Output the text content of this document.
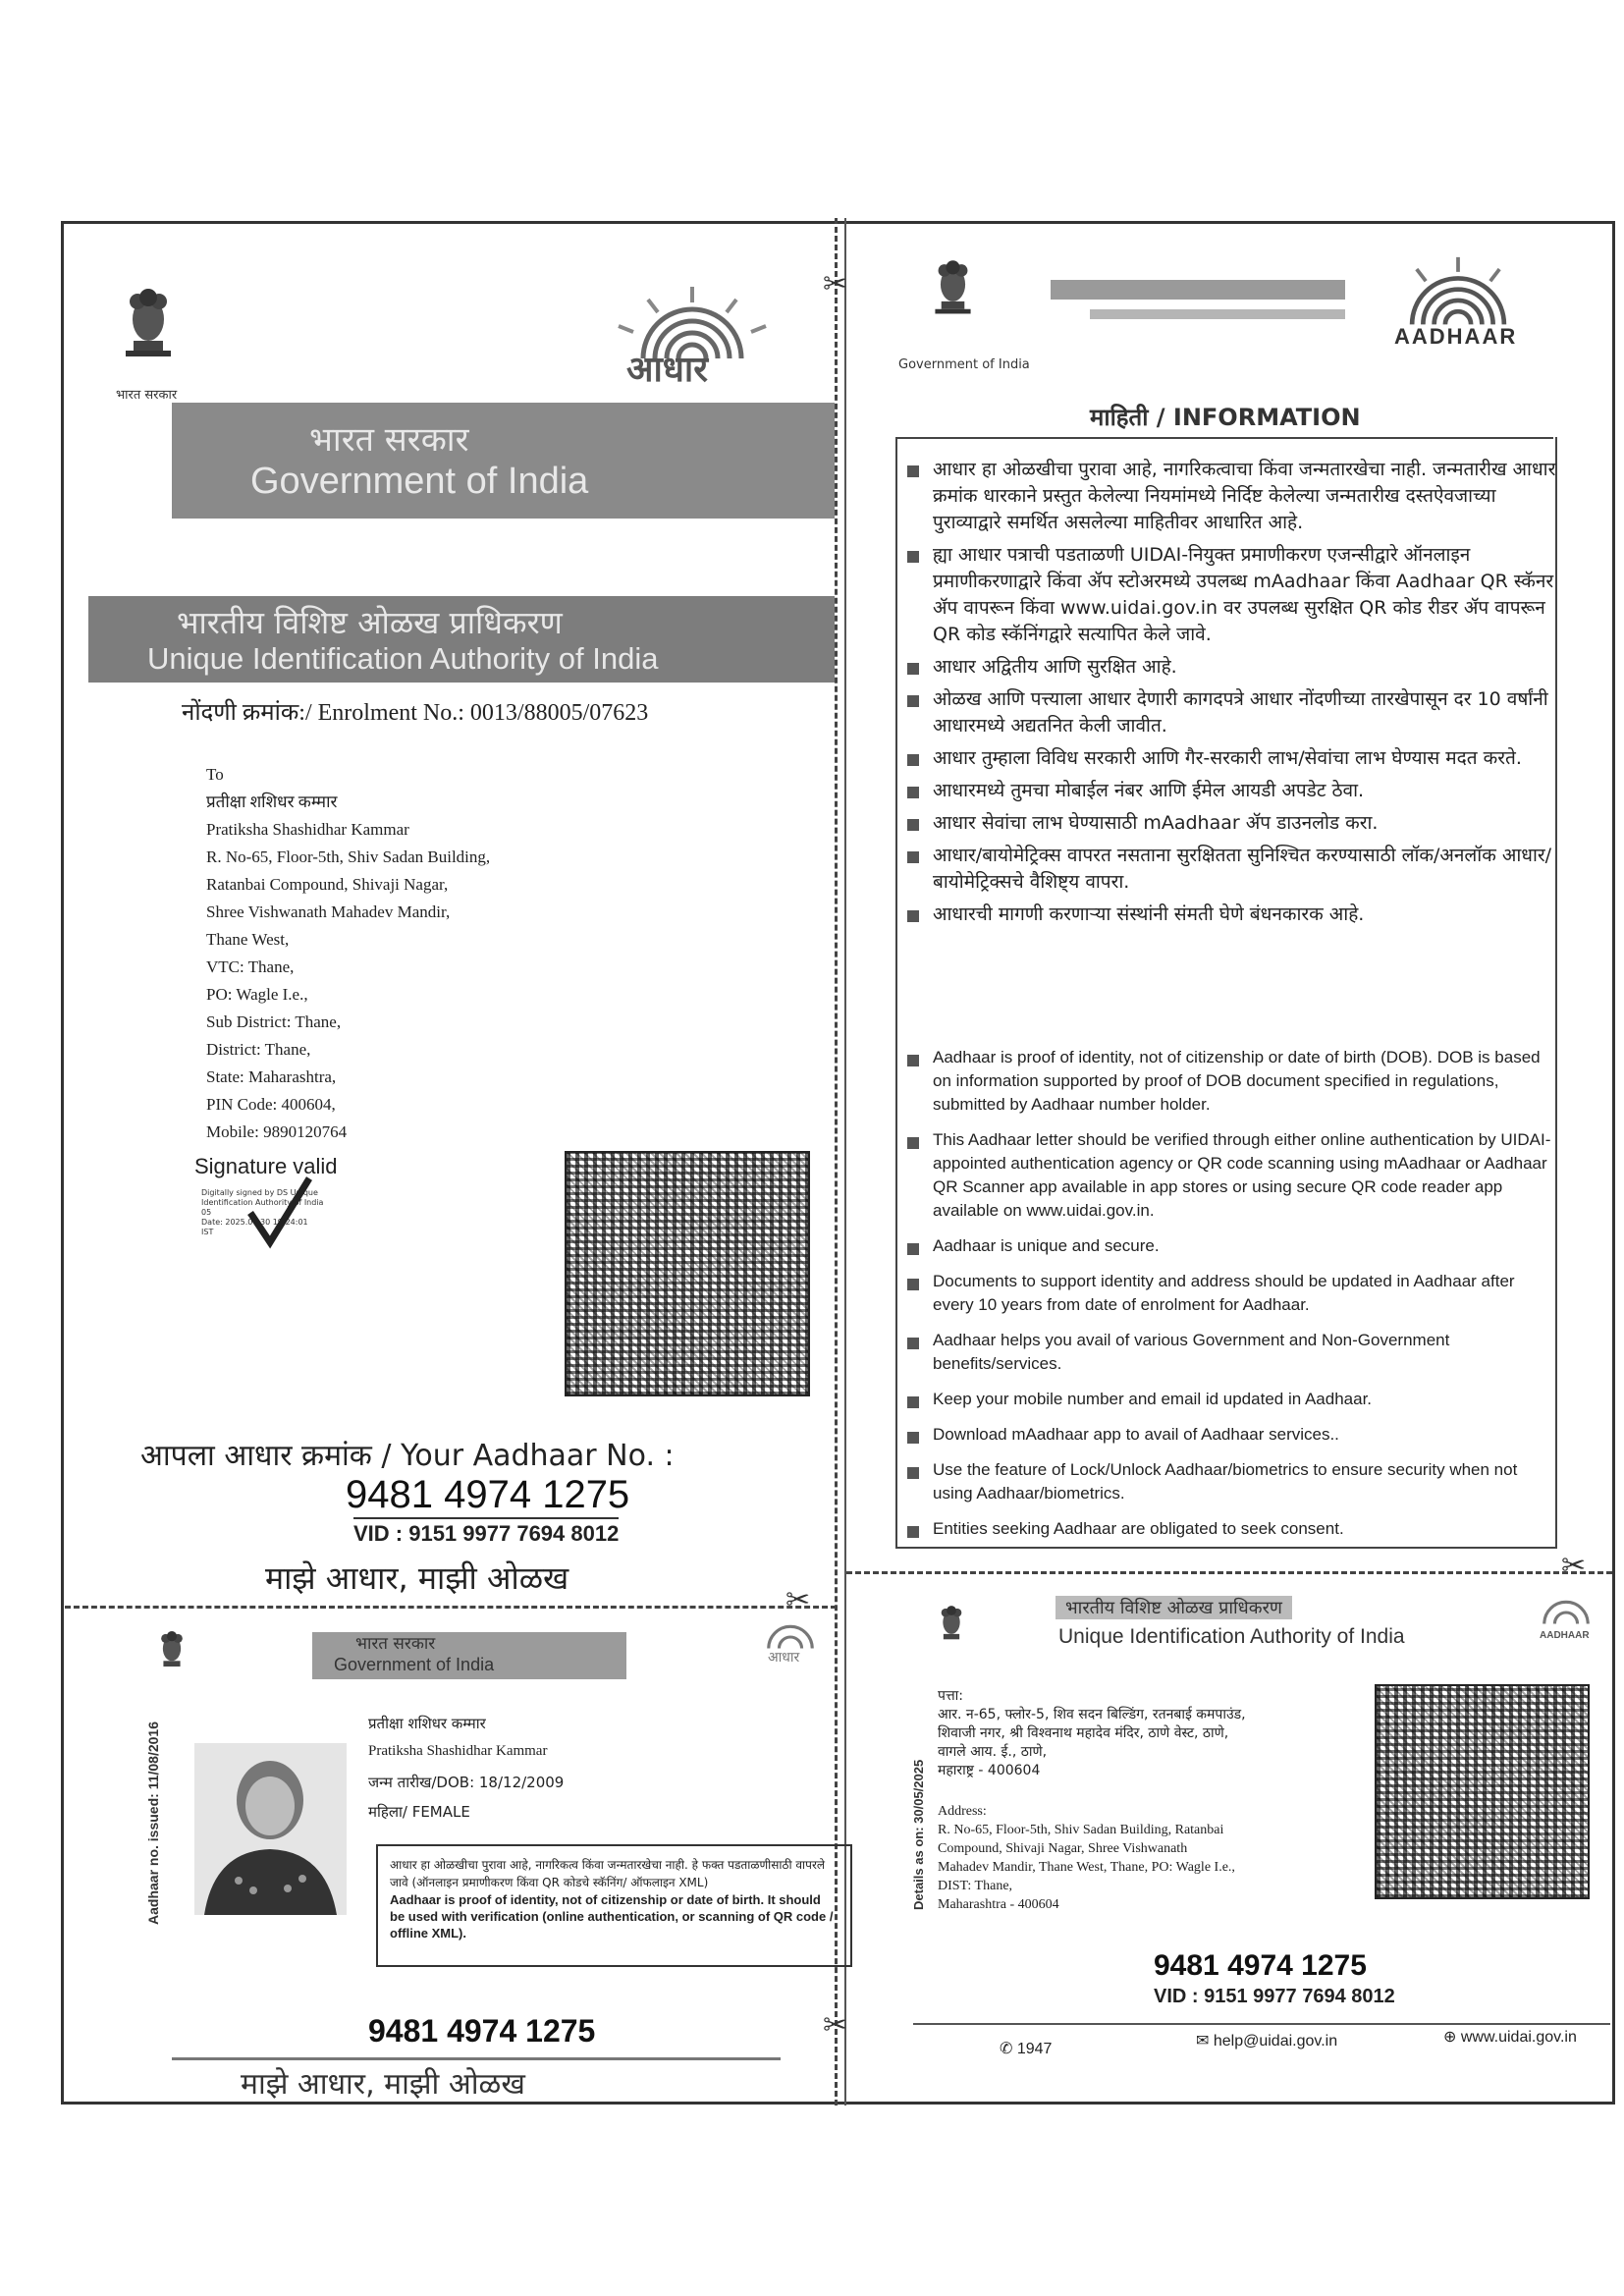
✂
✂
✂
✂
भारत सरकार
आधार
भारत सरकार
Government of India
भारतीय विशिष्ट ओळख प्राधिकरण
Unique Identification Authority of India
नोंदणी क्रमांक:/ Enrolment No.: 0013/88005/07623
To
प्रतीक्षा शशिधर कम्मार
Pratiksha Shashidhar Kammar
R. No-65, Floor-5th, Shiv Sadan Building,
Ratanbai Compound, Shivaji Nagar,
Shree Vishwanath Mahadev Mandir,
Thane West,
VTC: Thane,
PO: Wagle I.e.,
Sub District: Thane,
District: Thane,
State: Maharashtra,
PIN Code: 400604,
Mobile: 9890120764
Signature valid
Digitally signed by DS Unique
Identification Authority of India
05
Date: 2025.06.30 19:24:01
IST
आपला आधार क्रमांक / Your Aadhaar No. :
9481 4974 1275
VID : 9151 9977 7694 8012
माझे आधार, माझी ओळख
Government of India
AADHAAR
माहिती / INFORMATION
आधार हा ओळखीचा पुरावा आहे, नागरिकत्वाचा किंवा जन्मतारखेचा नाही. जन्मतारीख आधार क्रमांक धारकाने प्रस्तुत केलेल्या नियमांमध्ये निर्दिष्ट केलेल्या जन्मतारीख दस्तऐवजाच्या पुराव्याद्वारे समर्थित असलेल्या माहितीवर आधारित आहे.
ह्या आधार पत्राची पडताळणी UIDAI-नियुक्त प्रमाणीकरण एजन्सीद्वारे ऑनलाइन प्रमाणीकरणाद्वारे किंवा ॲप स्टोअरमध्ये उपलब्ध mAadhaar किंवा Aadhaar QR स्कॅनर ॲप वापरून किंवा www.uidai.gov.in वर उपलब्ध सुरक्षित QR कोड रीडर ॲप वापरून QR कोड स्कॅनिंगद्वारे सत्यापित केले जावे.
आधार अद्वितीय आणि सुरक्षित आहे.
ओळख आणि पत्त्याला आधार देणारी कागदपत्रे आधार नोंदणीच्या तारखेपासून दर 10 वर्षांनी आधारमध्ये अद्यतनित केली जावीत.
आधार तुम्हाला विविध सरकारी आणि गैर-सरकारी लाभ/सेवांचा लाभ घेण्यास मदत करते.
आधारमध्ये तुमचा मोबाईल नंबर आणि ईमेल आयडी अपडेट ठेवा.
आधार सेवांचा लाभ घेण्यासाठी mAadhaar ॲप डाउनलोड करा.
आधार/बायोमेट्रिक्स वापरत नसताना सुरक्षितता सुनिश्चित करण्यासाठी लॉक/अनलॉक आधार/बायोमेट्रिक्सचे वैशिष्ट्य वापरा.
आधारची मागणी करणाऱ्या संस्थांनी संमती घेणे बंधनकारक आहे.
Aadhaar is proof of identity, not of citizenship or date of birth (DOB). DOB is based on information supported by proof of DOB document specified in regulations, submitted by Aadhaar number holder.
This Aadhaar letter should be verified through either online authentication by UIDAI-appointed authentication agency or QR code scanning using mAadhaar or Aadhaar QR Scanner app available in app stores or using secure QR code reader app available on www.uidai.gov.in.
Aadhaar is unique and secure.
Documents to support identity and address should be updated in Aadhaar after every 10 years from date of enrolment for Aadhaar.
Aadhaar helps you avail of various Government and Non-Government benefits/services.
Keep your mobile number and email id updated in Aadhaar.
Download mAadhaar app to avail of Aadhaar services..
Use the feature of Lock/Unlock Aadhaar/biometrics to ensure security when not using Aadhaar/biometrics.
Entities seeking Aadhaar are obligated to seek consent.
Aadhaar no. issued: 11/08/2016
भारत सरकार
Government of India	आधार
प्रतीक्षा शशिधर कम्मार
Pratiksha Shashidhar Kammar
जन्म तारीख/DOB: 18/12/2009
महिला/ FEMALE
आधार हा ओळखीचा पुरावा आहे, नागरिकत्व किंवा जन्मतारखेचा नाही. हे फक्त पडताळणीसाठी वापरले जावे (ऑनलाइन प्रमाणीकरण किंवा QR कोडचे स्कॅनिंग/ ऑफलाइन XML)
Aadhaar is proof of identity, not of citizenship or date of birth. It should be used with verification (online authentication, or scanning of QR code / offline XML).
9481 4974 1275
माझे आधार, माझी ओळख
Details as on: 30/05/2025
भारतीय विशिष्ट ओळख प्राधिकरण
Unique Identification Authority of India	AADHAAR
पत्ता:
आर. न-65, फ्लोर-5, शिव सदन बिल्डिंग, रतनबाई कमपाउंड,
शिवाजी नगर, श्री विश्वनाथ महादेव मंदिर, ठाणे वेस्ट, ठाणे,
वागले आय. ई., ठाणे,
महाराष्ट्र - 400604
Address:
R. No-65, Floor-5th, Shiv Sadan Building, Ratanbai
Compound, Shivaji Nagar, Shree Vishwanath
Mahadev Mandir, Thane West, Thane, PO: Wagle I.e.,
DIST: Thane,
Maharashtra - 400604
9481 4974 1275
VID : 9151 9977 7694 8012
✆ 1947	✉ help@uidai.gov.in	⊕ www.uidai.gov.in
